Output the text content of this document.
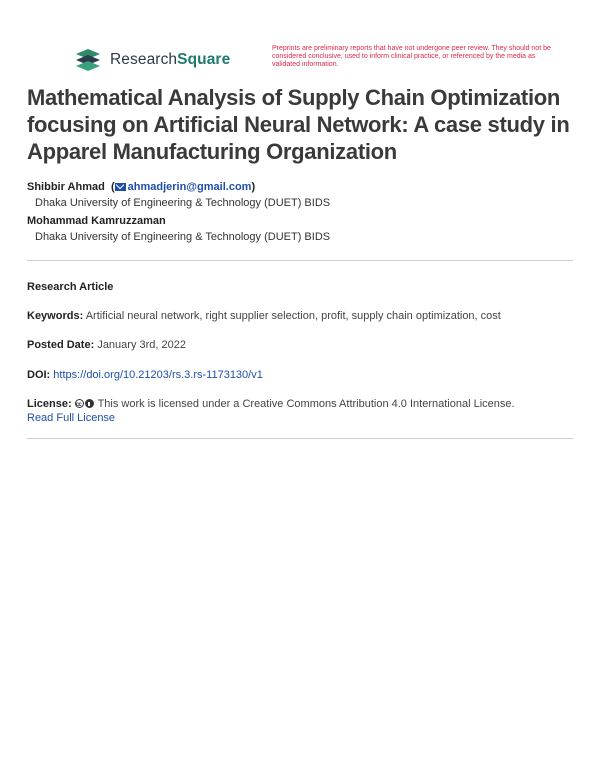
ResearchSquare
Preprints are preliminary reports that have not undergone peer review. They should not be considered conclusive, used to inform clinical practice, or referenced by the media as validated information.
Mathematical Analysis of Supply Chain Optimization focusing on Artificial Neural Network: A case study in Apparel Manufacturing Organization
Shibbir Ahmad  ( ahmadjerin@gmail.com)
Dhaka University of Engineering & Technology (DUET) BIDS
Mohammad Kamruzzaman
Dhaka University of Engineering & Technology (DUET) BIDS
Research Article
Keywords: Artificial neural network, right supplier selection, profit, supply chain optimization, cost
Posted Date: January 3rd, 2022
DOI: https://doi.org/10.21203/rs.3.rs-1173130/v1
License: cc This work is licensed under a Creative Commons Attribution 4.0 International License.
Read Full License
